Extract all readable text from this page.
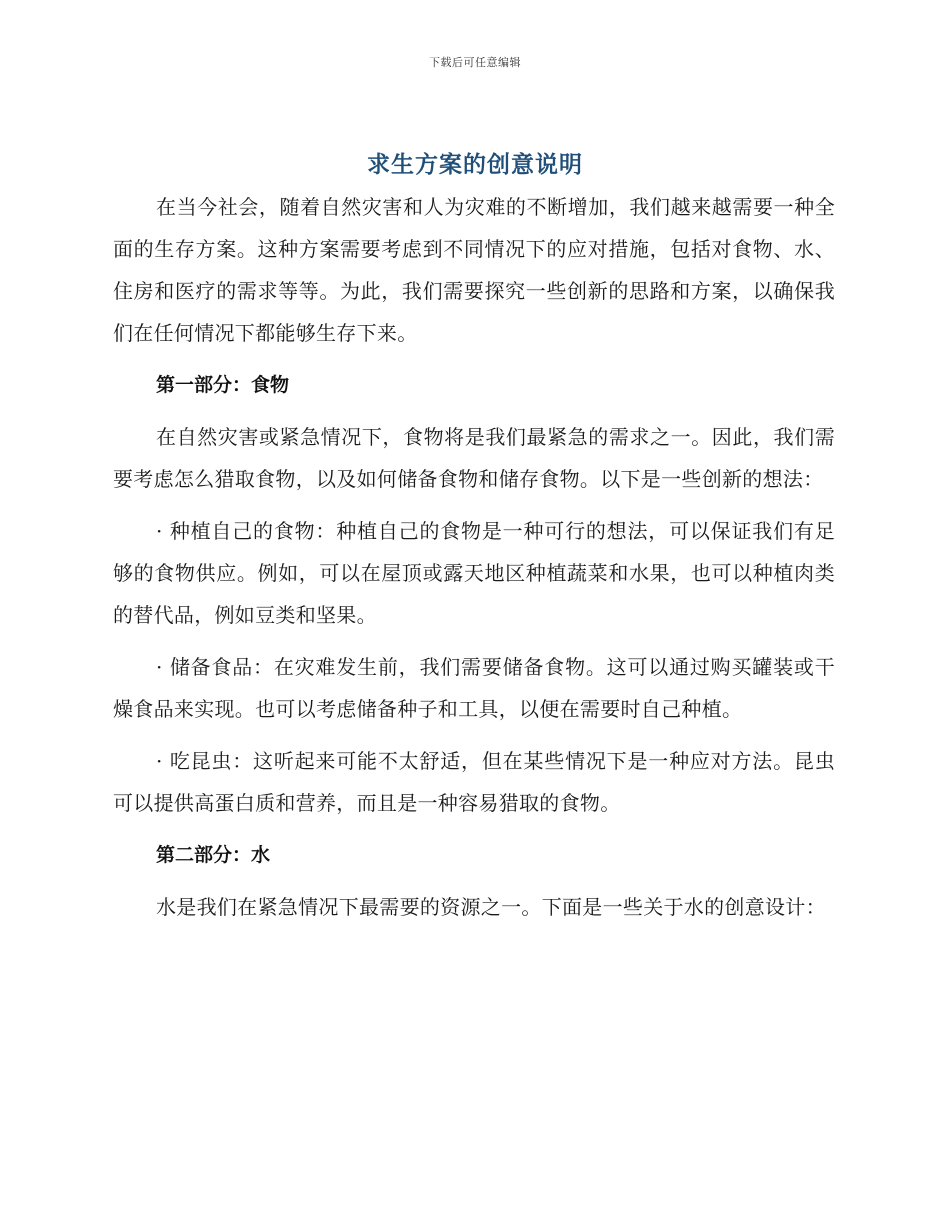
下载后可任意编辑
求生方案的创意说明

在当今社会，随着自然灾害和人为灾难的不断增加，我们越来越需要一种全面的生存方案。这种方案需要考虑到不同情况下的应对措施，包括对食物、水、住房和医疗的需求等等。为此，我们需要探究一些创新的思路和方案，以确保我们在任何情况下都能够生存下来。

第一部分：食物

在自然灾害或紧急情况下，食物将是我们最紧急的需求之一。因此，我们需要考虑怎么猎取食物，以及如何储备食物和储存食物。以下是一些创新的想法：

· 种植自己的食物：种植自己的食物是一种可行的想法，可以保证我们有足够的食物供应。例如，可以在屋顶或露天地区种植蔬菜和水果，也可以种植肉类的替代品，例如豆类和坚果。

· 储备食品：在灾难发生前，我们需要储备食物。这可以通过购买罐装或干燥食品来实现。也可以考虑储备种子和工具，以便在需要时自己种植。

· 吃昆虫：这听起来可能不太舒适，但在某些情况下是一种应对方法。昆虫可以提供高蛋白质和营养，而且是一种容易猎取的食物。

第二部分：水

水是我们在紧急情况下最需要的资源之一。下面是一些关于水的创意设计：
